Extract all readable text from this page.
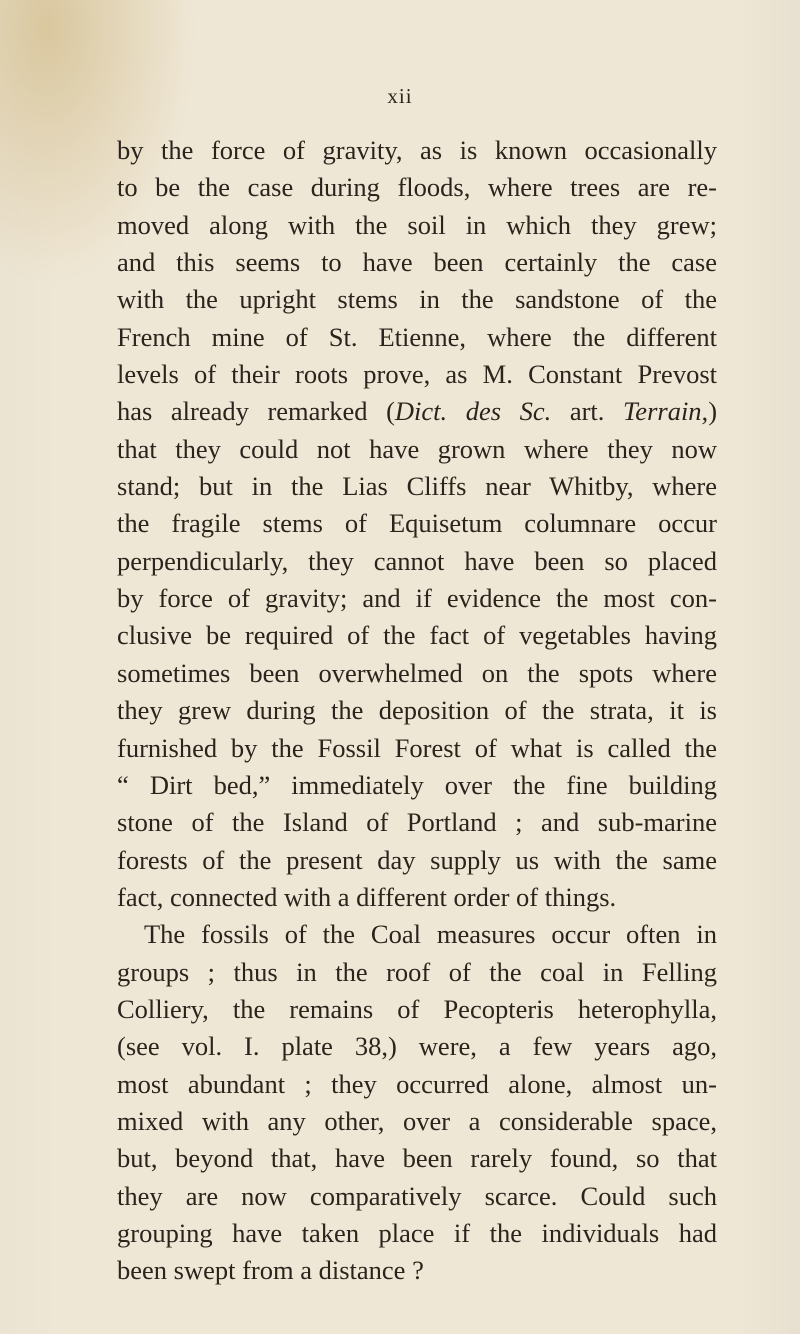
xii
by the force of gravity, as is known occasionally
to be the case during floods, where trees are re-
moved along with the soil in which they grew;
and this seems to have been certainly the case
with the upright stems in the sandstone of the
French mine of St. Etienne, where the different
levels of their roots prove, as M. Constant Prevost
has already remarked (Dict. des Sc. art. Terrain,)
that they could not have grown where they now
stand; but in the Lias Cliffs near Whitby, where
the fragile stems of Equisetum columnare occur
perpendicularly, they cannot have been so placed
by force of gravity; and if evidence the most con-
clusive be required of the fact of vegetables having
sometimes been overwhelmed on the spots where
they grew during the deposition of the strata, it is
furnished by the Fossil Forest of what is called the
“ Dirt bed,” immediately over the fine building
stone of the Island of Portland ; and sub-marine
forests of the present day supply us with the same
fact, connected with a different order of things.
The fossils of the Coal measures occur often in
groups ; thus in the roof of the coal in Felling
Colliery, the remains of Pecopteris heterophylla,
(see vol. I. plate 38,) were, a few years ago,
most abundant ; they occurred alone, almost un-
mixed with any other, over a considerable space,
but, beyond that, have been rarely found, so that
they are now comparatively scarce. Could such
grouping have taken place if the individuals had
been swept from a distance ?
